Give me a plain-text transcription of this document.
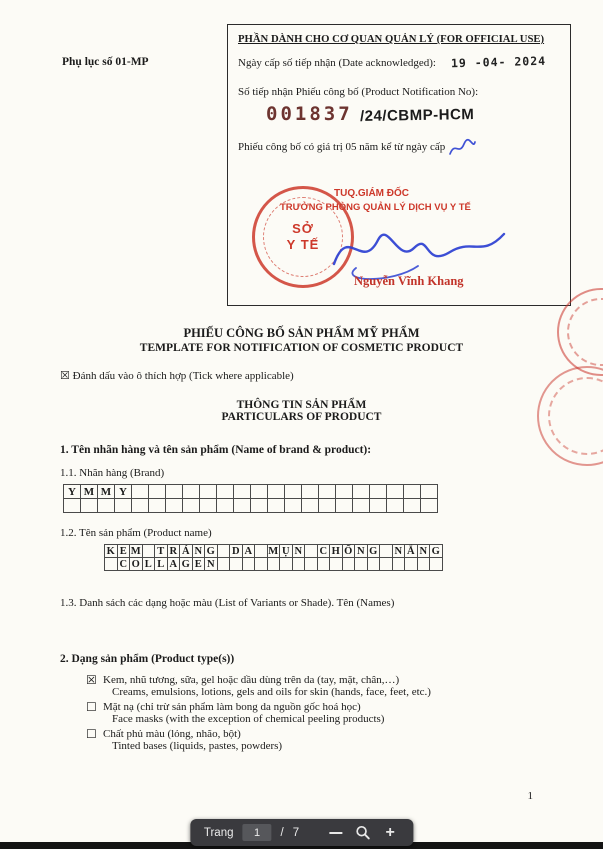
Phụ lục số 01-MP
PHẦN DÀNH CHO CƠ QUAN QUẢN LÝ (FOR OFFICIAL USE)
Ngày cấp số tiếp nhận (Date acknowledged): 19 -04- 2024
Số tiếp nhận Phiếu công bố (Product Notification No):
001837 /24/CBMP-HCM
Phiếu công bố có giá trị 05 năm kể từ ngày cấp
SỞ
Y TẾ
TUQ.GIÁM ĐỐC
TRƯỞNG PHÒNG QUẢN LÝ DỊCH VỤ Y TẾ
Nguyễn Vĩnh Khang
PHIẾU CÔNG BỐ SẢN PHẨM MỸ PHẨM
TEMPLATE FOR NOTIFICATION OF COSMETIC PRODUCT
☒ Đánh dấu vào ô thích hợp (Tick where applicable)
THÔNG TIN SẢN PHẨM
PARTICULARS OF PRODUCT
1. Tên nhãn hàng và tên sản phẩm (Name of brand & product):
1.1. Nhãn hàng (Brand)
Y M M Y
1.2. Tên sản phẩm (Product name)
K E M	T R Á N G D A M Ụ N C H Ố N G N Ắ N G
C O L L A G E N
1.3. Danh sách các dạng hoặc màu (List of Variants or Shade). Tên (Names)
2. Dạng sản phẩm (Product type(s))
☒ Kem, nhũ tương, sữa, gel hoặc dầu dùng trên da (tay, mặt, chân,…)
Creams, emulsions, lotions, gels and oils for skin (hands, face, feet, etc.)
☐ Mặt nạ (chỉ trừ sản phẩm làm bong da nguồn gốc hoá học)
Face masks (with the exception of chemical peeling products)
☐ Chất phủ màu (lỏng, nhão, bột)
Tinted bases (liquids, pastes, powders)
1
Trang	1	/ 7	+
